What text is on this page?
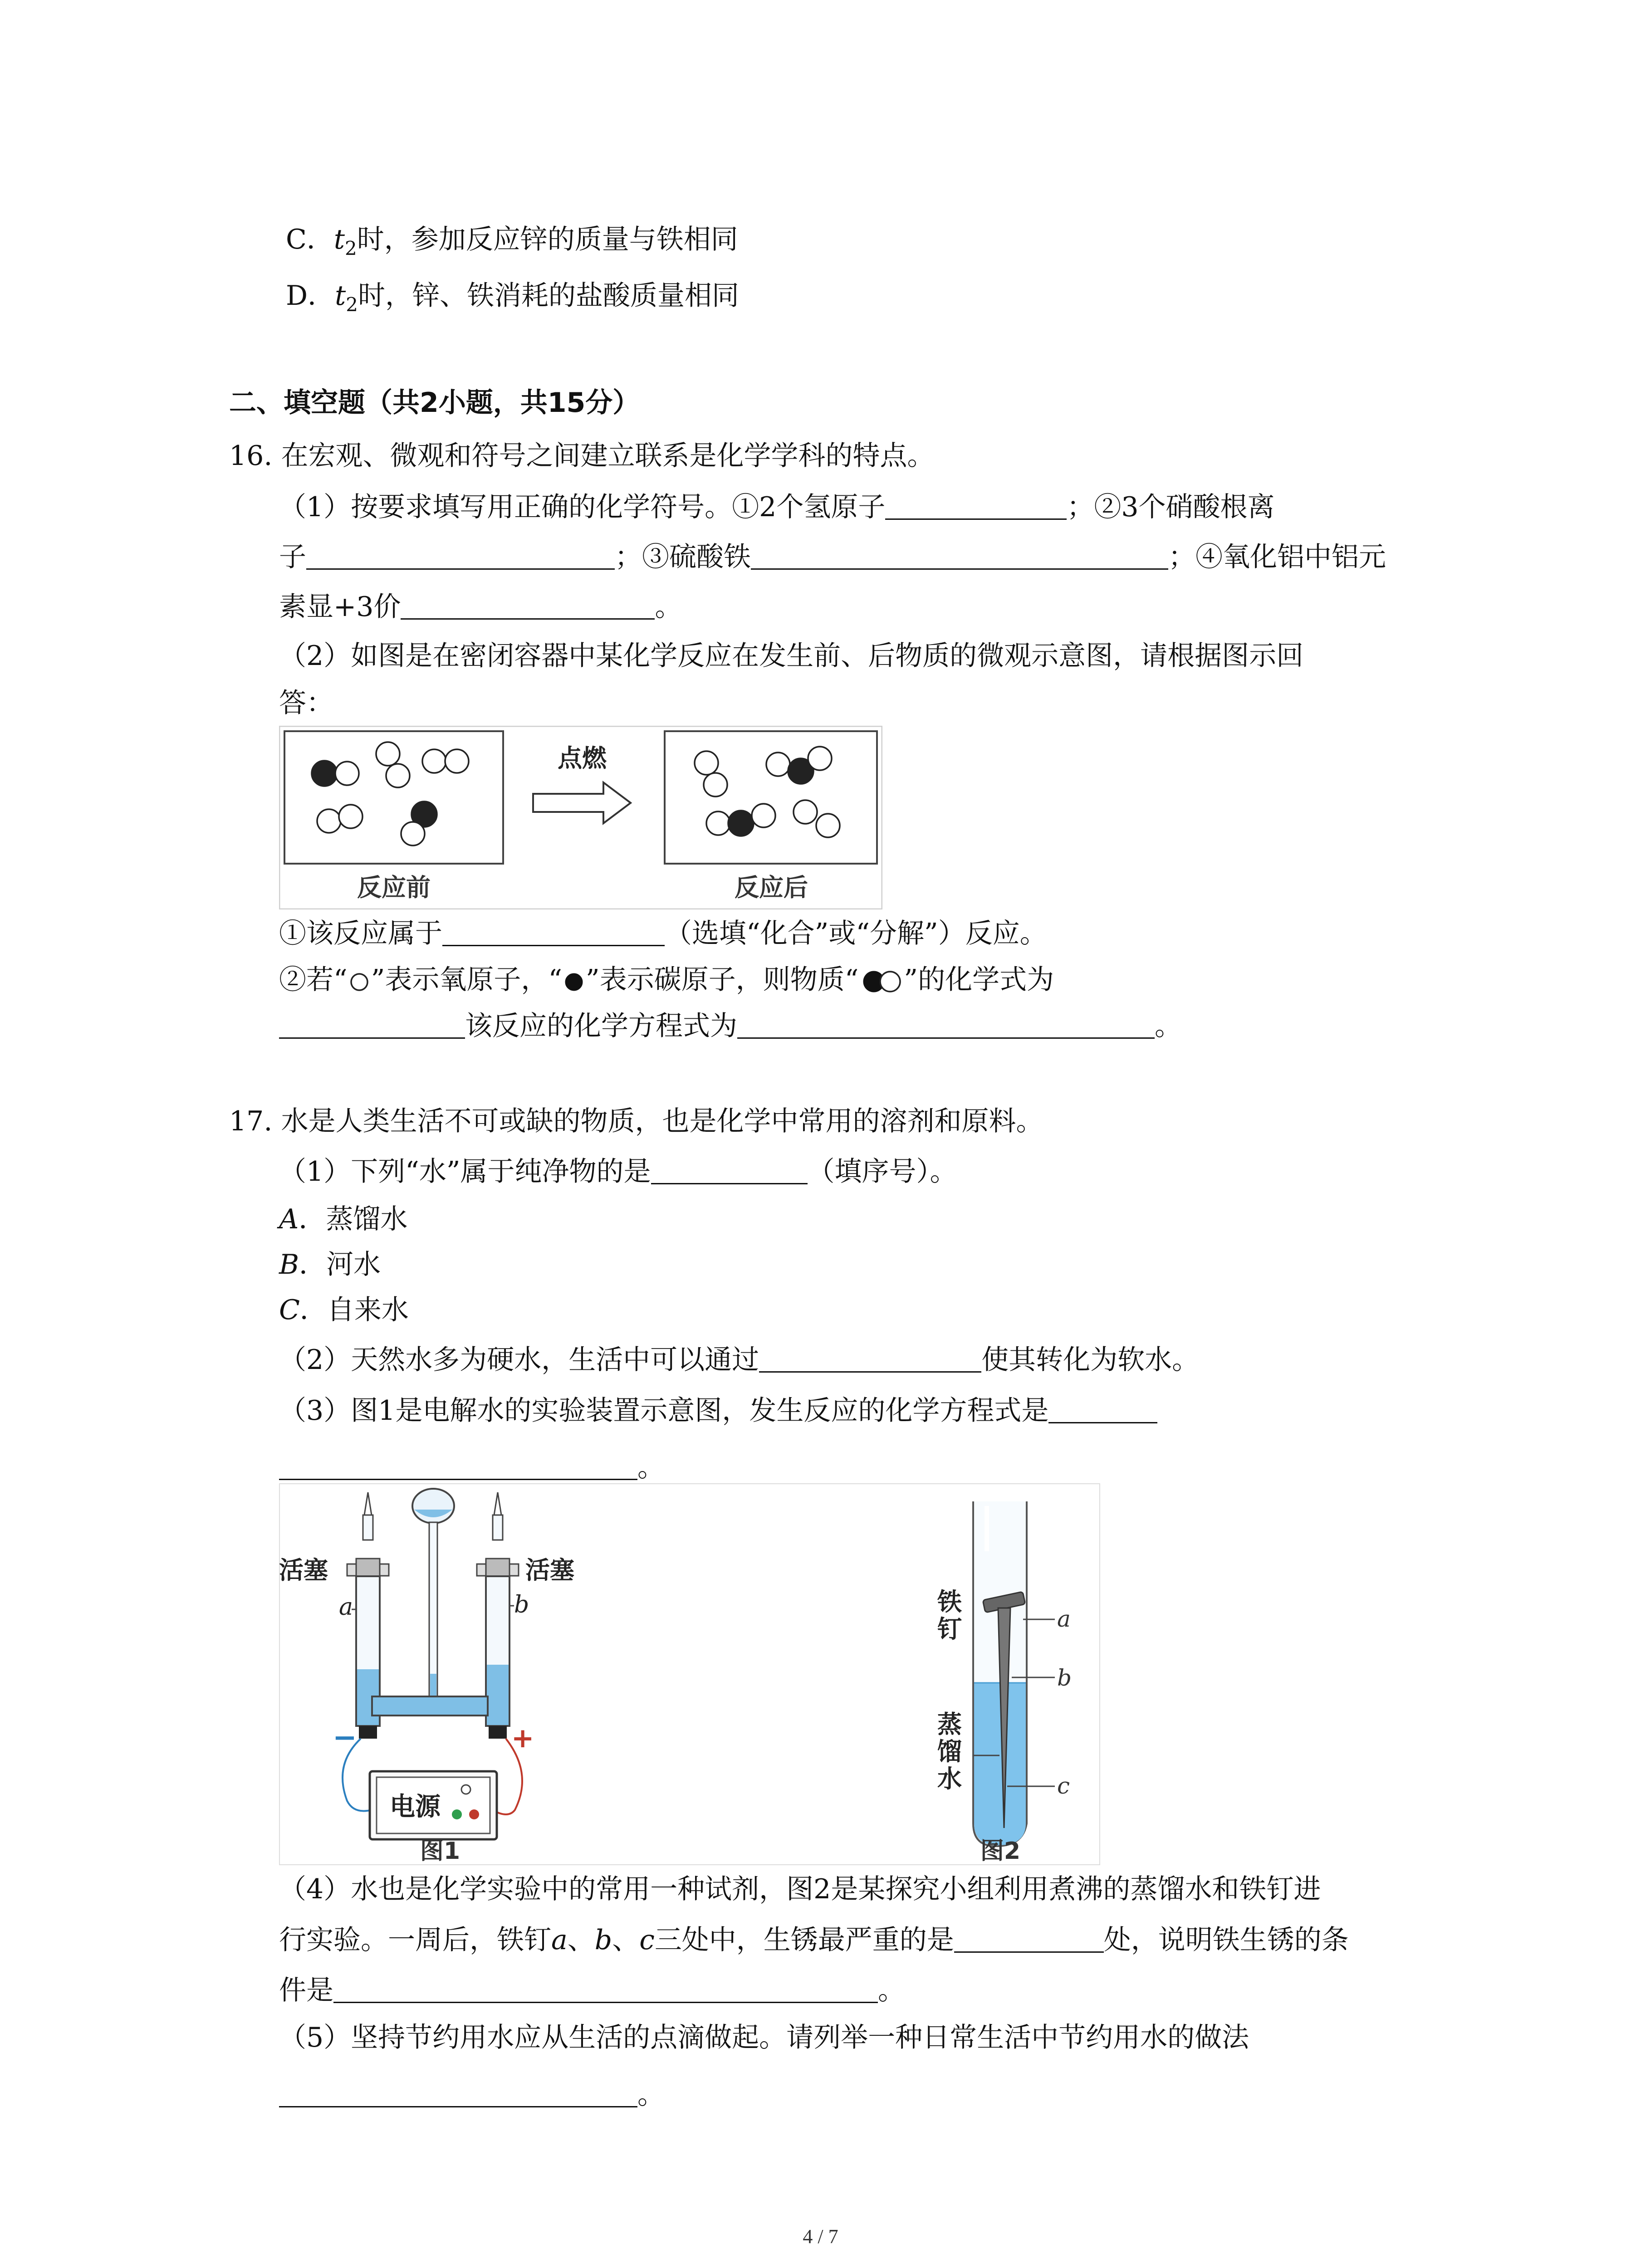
C．$t_2$时，参加反应锌的质量与铁相同
D．$t_2$时，锌、铁消耗的盐酸质量相同
二、填空题（共2小题，共15分）
16. 在宏观、微观和符号之间建立联系是化学学科的特点。
（1）按要求填写用正确的化学符号。①2个氢原子	；②3个硝酸根离
子	；③硫酸铁	；④氧化铝中铝元
素显+3价	。
（2）如图是在密闭容器中某化学反应在发生前、后物质的微观示意图，请根据图示回
答：
点燃
反应前	反应后
①该反应属于	（选填“化合”或“分解”）反应。
②若“ ”表示氧原子，“ ”表示碳原子，则物质“ ”的化学式为
该反应的化学方程式为	。
17. 水是人类生活不可或缺的物质，也是化学中常用的溶剂和原料。
（1）下列“水”属于纯净物的是	（填序号）。
A．蒸馏水
B．河水
C．自来水
（2）天然水多为硬水，生活中可以通过	使其转化为软水。
（3）图1是电解水的实验装置示意图，发生反应的化学方程式是
。
电源
活塞	活塞
a	b
−	+
图1
a
b
c
铁钉
蒸馏水
图2
（4）水也是化学实验中的常用一种试剂，图2是某探究小组利用煮沸的蒸馏水和铁钉进
行实验。一周后，铁钉a、b、c三处中，生锈最严重的是	处，说明铁生锈的条
件是	。
（5）坚持节约用水应从生活的点滴做起。请列举一种日常生活中节约用水的做法
。
4 / 7
